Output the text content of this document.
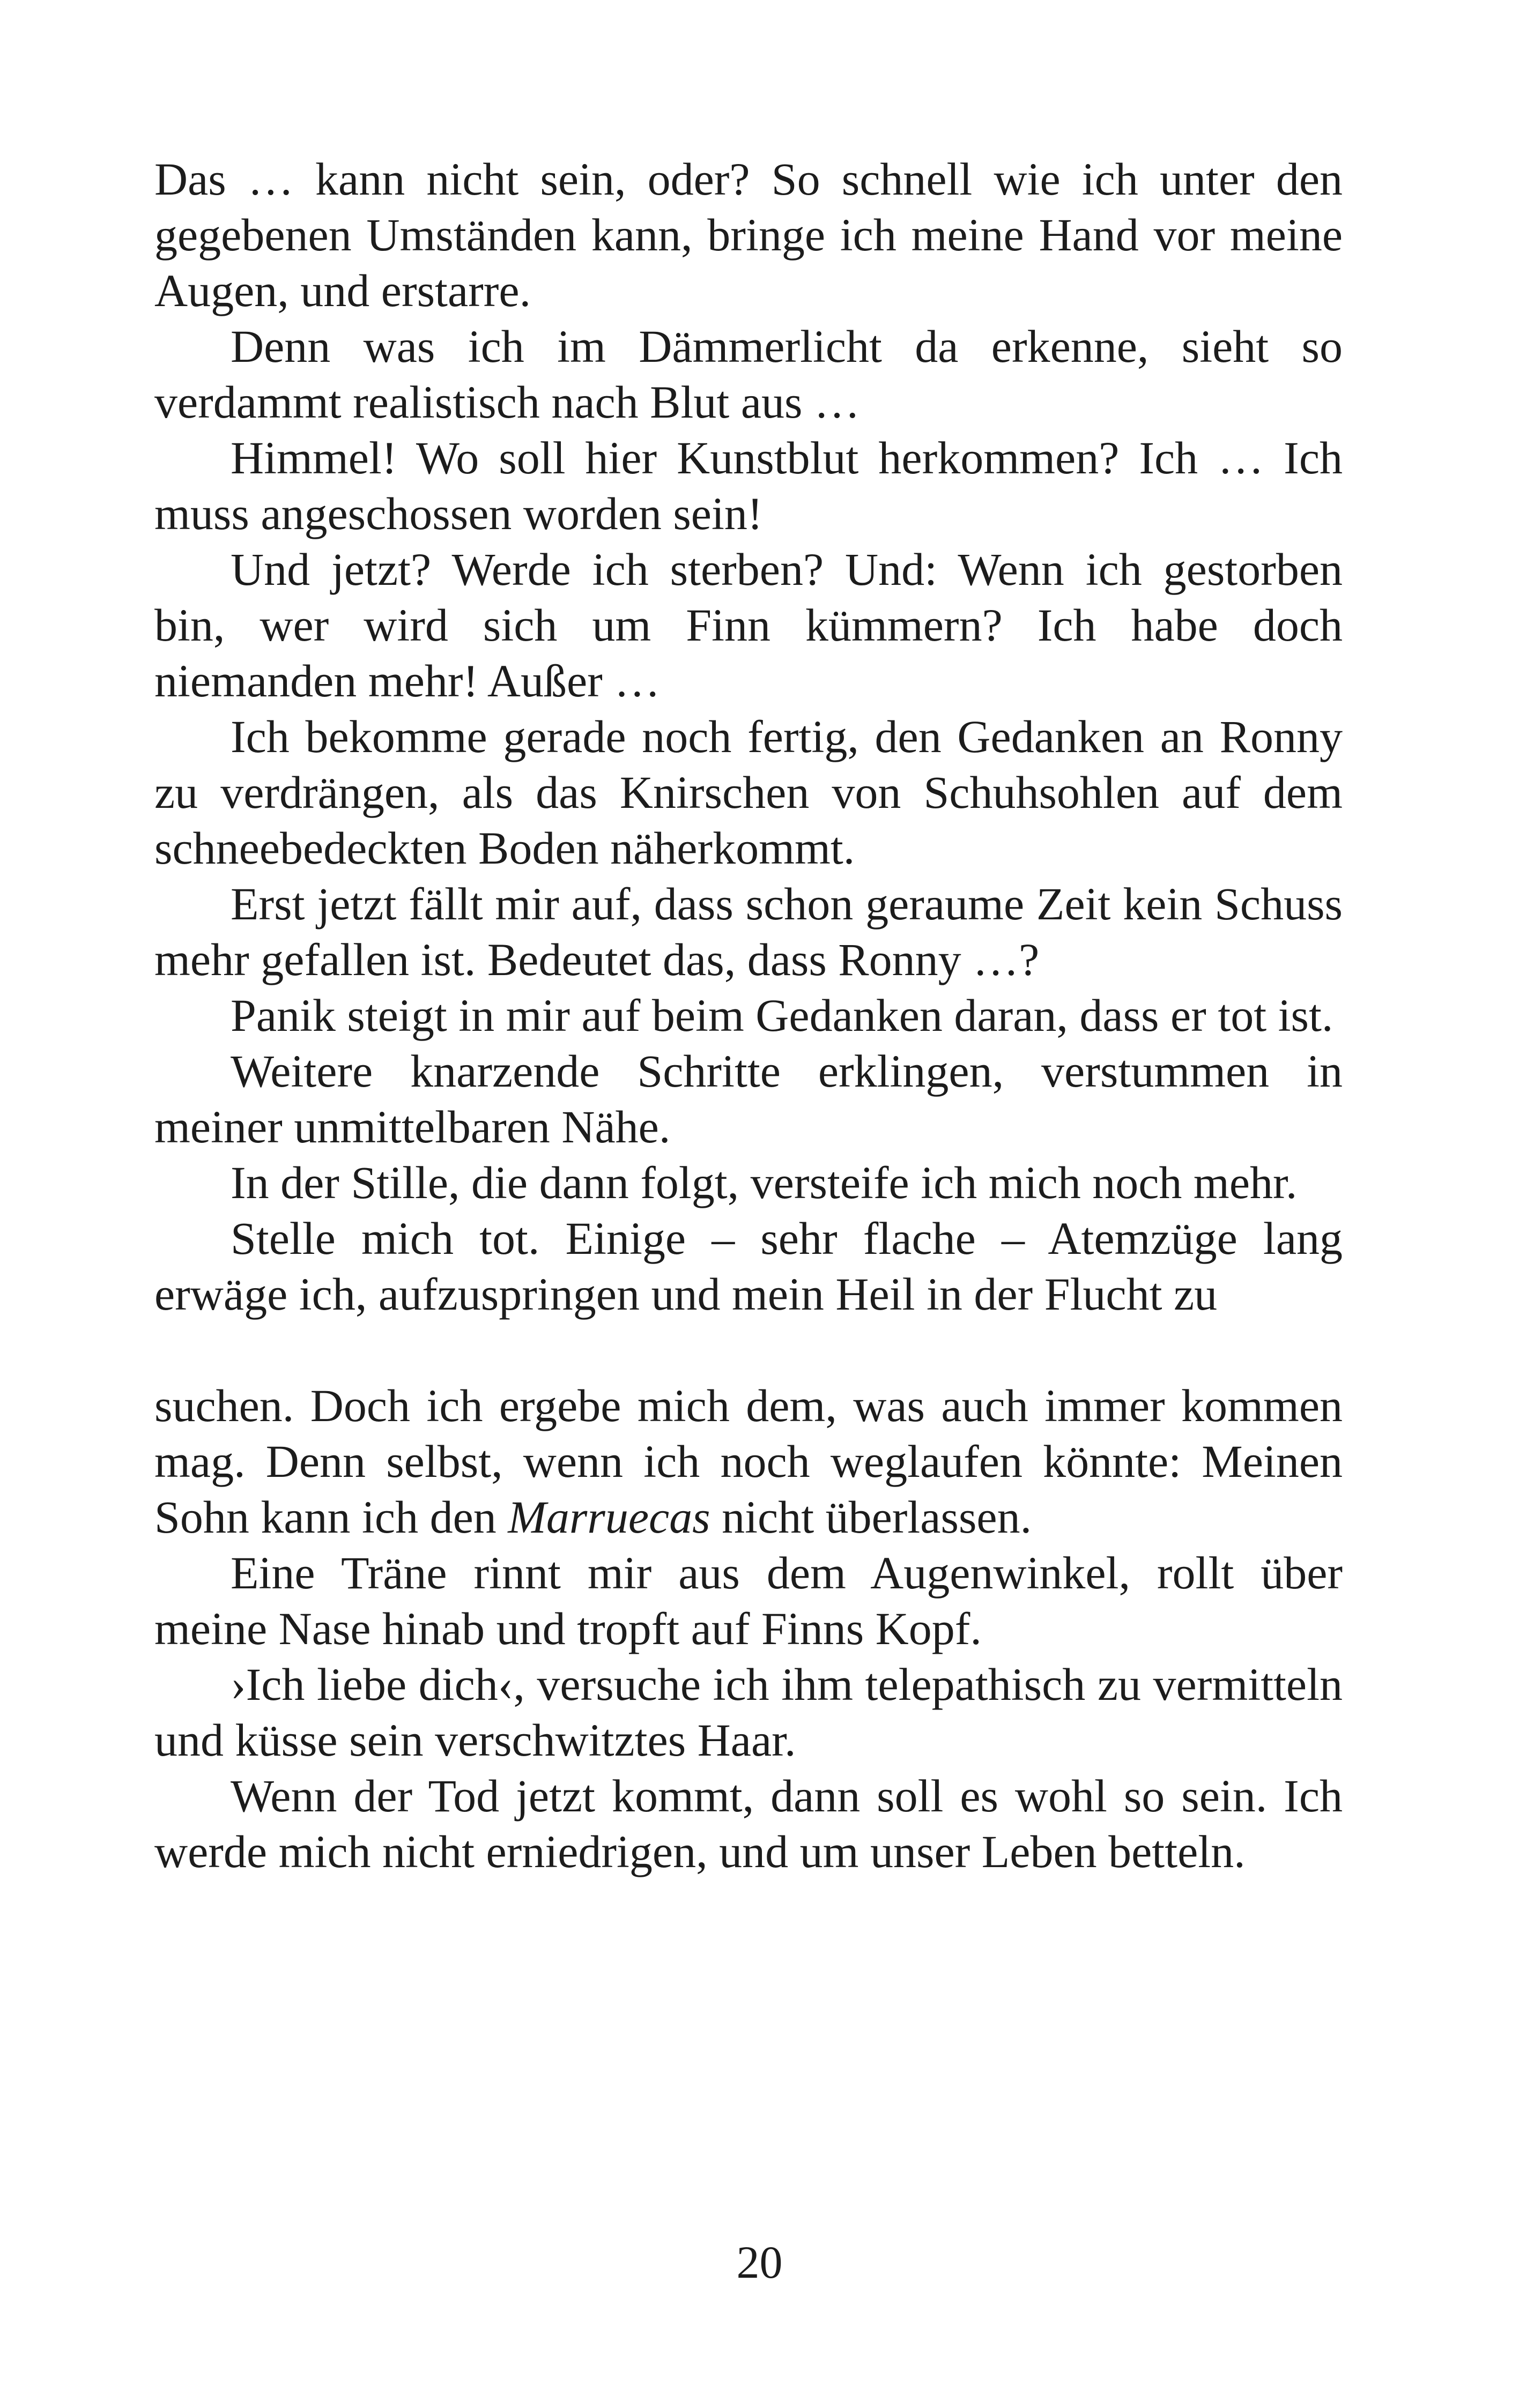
Das … kann nicht sein, oder? So schnell wie ich unter den gegebenen Umständen kann, bringe ich meine Hand vor meine Augen, und erstarre.

Denn was ich im Dämmerlicht da erkenne, sieht so verdammt realistisch nach Blut aus …

Himmel! Wo soll hier Kunstblut herkommen? Ich … Ich muss angeschossen worden sein!

Und jetzt? Werde ich sterben? Und: Wenn ich gestorben bin, wer wird sich um Finn kümmern? Ich habe doch niemanden mehr! Außer …

Ich bekomme gerade noch fertig, den Gedanken an Ronny zu verdrängen, als das Knirschen von Schuhsohlen auf dem schneebedeckten Boden näherkommt.

Erst jetzt fällt mir auf, dass schon geraume Zeit kein Schuss mehr gefallen ist. Bedeutet das, dass Ronny …?

Panik steigt in mir auf beim Gedanken daran, dass er tot ist.

Weitere knarzende Schritte erklingen, verstummen in meiner unmittelbaren Nähe.

In der Stille, die dann folgt, versteife ich mich noch mehr.

Stelle mich tot. Einige – sehr flache – Atemzüge lang erwäge ich, aufzuspringen und mein Heil in der Flucht zu

suchen. Doch ich ergebe mich dem, was auch immer kommen mag. Denn selbst, wenn ich noch weglaufen könnte: Meinen Sohn kann ich den Marruecas nicht überlassen.

Eine Träne rinnt mir aus dem Augenwinkel, rollt über meine Nase hinab und tropft auf Finns Kopf.

›Ich liebe dich‹, versuche ich ihm telepathisch zu vermitteln und küsse sein verschwitztes Haar.

Wenn der Tod jetzt kommt, dann soll es wohl so sein. Ich werde mich nicht erniedrigen, und um unser Leben betteln.

20
